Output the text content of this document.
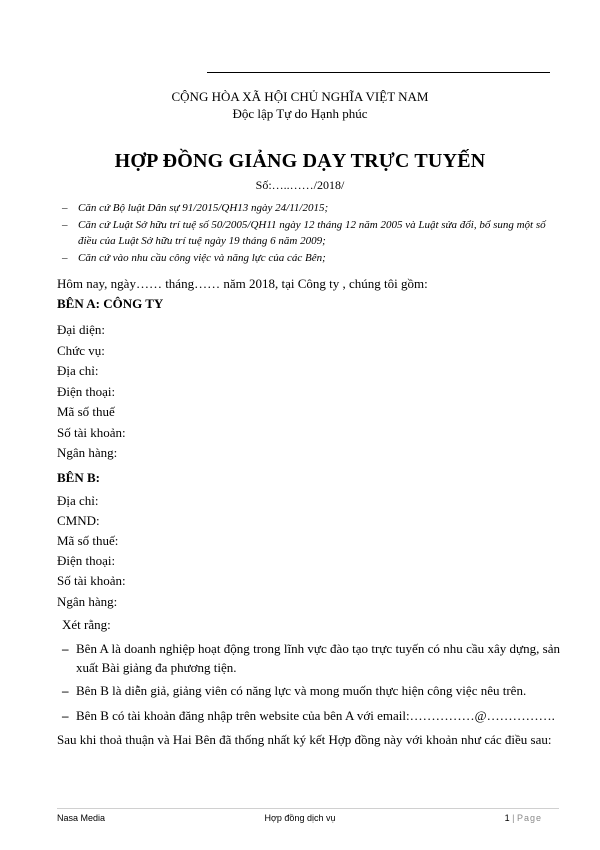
CỘNG HÒA XÃ HỘI CHỦ NGHĨA VIỆT NAM
Độc lập Tự do Hạnh phúc
HỢP ĐỒNG GIẢNG DẠY TRỰC TUYẾN
Số:…..……/2018/
– Căn cứ Bộ luật Dân sự 91/2015/QH13 ngày 24/11/2015;
– Căn cứ Luật Sở hữu trí tuệ số 50/2005/QH11 ngày 12 tháng 12 năm 2005 và Luật sửa đổi, bổ sung một số điều của Luật Sở hữu trí tuệ ngày 19 tháng 6 năm 2009;
– Căn cứ vào nhu cầu công việc và năng lực của các Bên;
Hôm nay, ngày…… tháng…… năm 2018, tại Công ty , chúng tôi gồm:
BÊN A: CÔNG TY
Đại diện:
Chức vụ:
Địa chỉ:
Điện thoại:
Mã số thuế
Số tài khoản:
Ngân hàng:
BÊN B:
Địa chỉ:
CMND:
Mã số thuế:
Điện thoại:
Số tài khoản:
Ngân hàng:
Xét rằng:
– Bên A là doanh nghiệp hoạt động trong lĩnh vực đào tạo trực tuyến có nhu cầu xây dựng, sản xuất Bài giảng đa phương tiện.
– Bên B là diễn giả, giảng viên có năng lực và mong muốn thực hiện công việc nêu trên.
– Bên B có tài khoản đăng nhập trên website của bên A với email:……………@…………….
Sau khi thoả thuận và Hai Bên đã thống nhất ký kết Hợp đồng này với khoản như các điều sau:
Nasa Media	Hợp đồng dịch vụ	1 | Page
